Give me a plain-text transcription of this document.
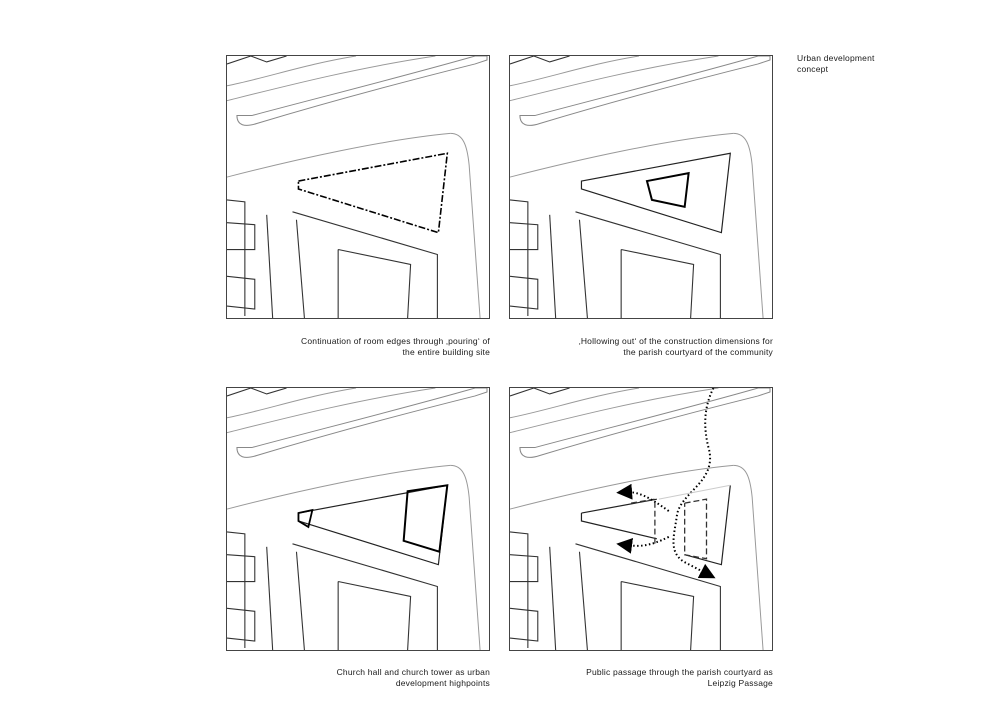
Urban development
concept
Continuation of room edges through ‚pouring‘ of
the entire building site
‚Hollowing out‘ of the construction dimensions for
the parish courtyard of the community
Church hall and church tower as urban
development highpoints
Public passage through the parish courtyard as
Leipzig Passage
